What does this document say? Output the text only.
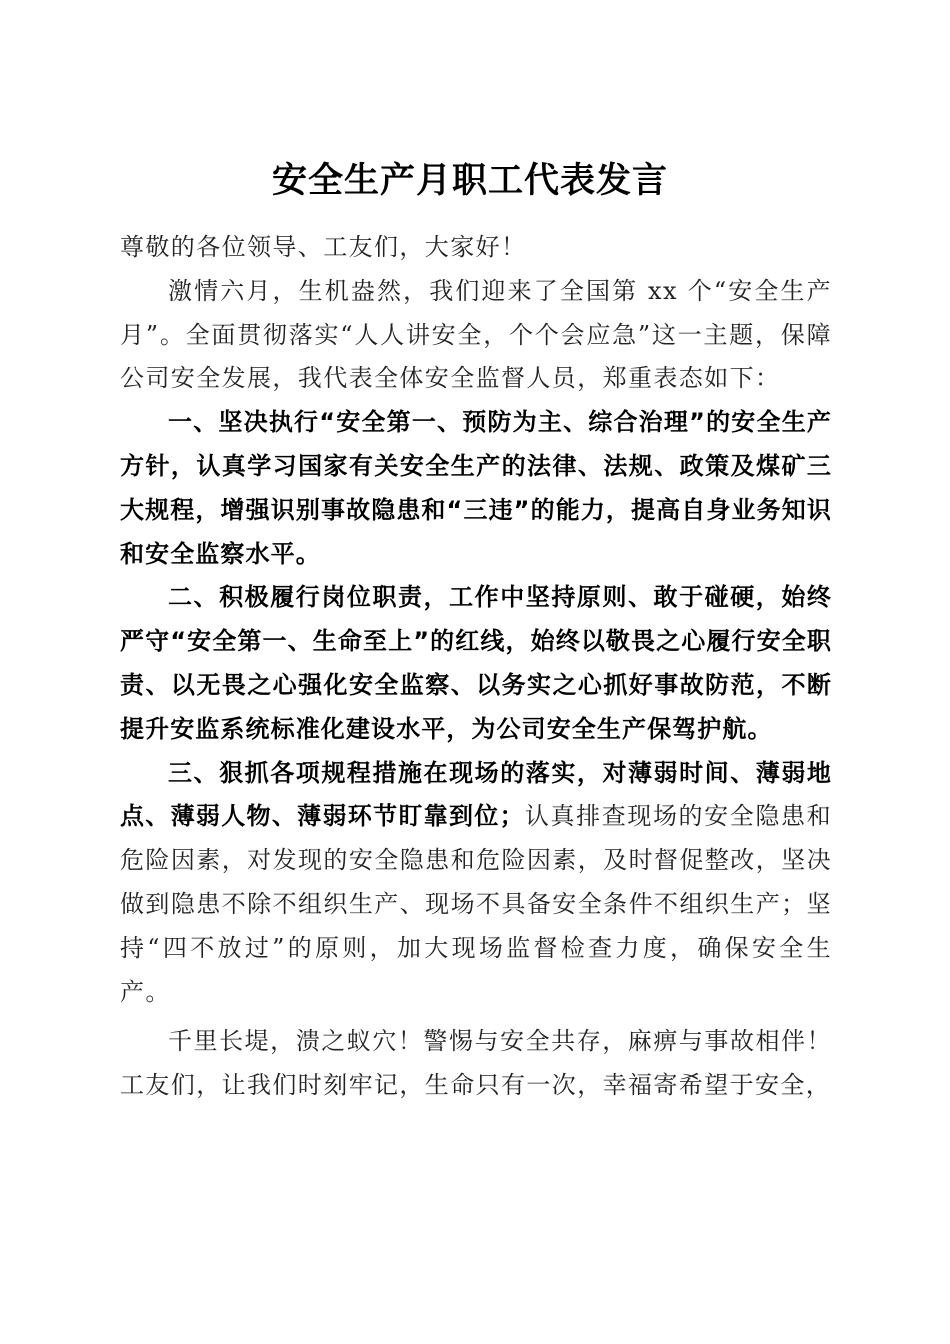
安全生产月职工代表发言

尊敬的各位领导、工友们，大家好！

激情六月，生机盎然，我们迎来了全国第 xx 个“安全生产月”。全面贯彻落实“人人讲安全，个个会应急”这一主题，保障公司安全发展，我代表全体安全监督人员，郑重表态如下：

一、坚决执行“安全第一、预防为主、综合治理”的安全生产方针，认真学习国家有关安全生产的法律、法规、政策及煤矿三大规程，增强识别事故隐患和“三违”的能力，提高自身业务知识和安全监察水平。

二、积极履行岗位职责，工作中坚持原则、敢于碰硬，始终严守“安全第一、生命至上”的红线，始终以敬畏之心履行安全职责、以无畏之心强化安全监察、以务实之心抓好事故防范，不断提升安监系统标准化建设水平，为公司安全生产保驾护航。

三、狠抓各项规程措施在现场的落实，对薄弱时间、薄弱地点、薄弱人物、薄弱环节盯靠到位；认真排查现场的安全隐患和危险因素，对发现的安全隐患和危险因素，及时督促整改，坚决做到隐患不除不组织生产、现场不具备安全条件不组织生产；坚持“四不放过”的原则，加大现场监督检查力度，确保安全生产。

千里长堤，溃之蚁穴！警惕与安全共存，麻痹与事故相伴！工友们，让我们时刻牢记，生命只有一次，幸福寄希望于安全，
